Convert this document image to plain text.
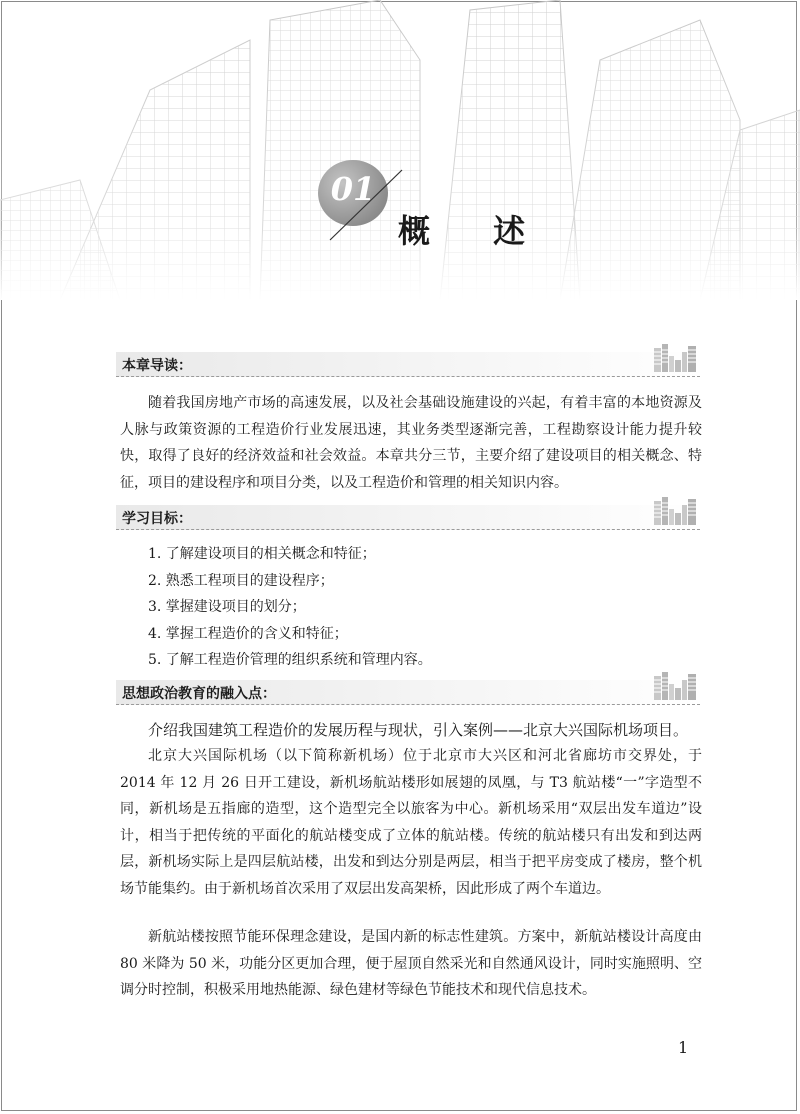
01
概 述
本章导读：

随着我国房地产市场的高速发展，以及社会基础设施建设的兴起，有着丰富的本地资源及人脉与政策资源的工程造价行业发展迅速，其业务类型逐渐完善，工程勘察设计能力提升较快，取得了良好的经济效益和社会效益。本章共分三节，主要介绍了建设项目的相关概念、特征，项目的建设程序和项目分类，以及工程造价和管理的相关知识内容。

学习目标：
1. 了解建设项目的相关概念和特征；
2. 熟悉工程项目的建设程序；
3. 掌握建设项目的划分；
4. 掌握工程造价的含义和特征；
5. 了解工程造价管理的组织系统和管理内容。
思想政治教育的融入点：

介绍我国建筑工程造价的发展历程与现状，引入案例——北京大兴国际机场项目。

北京大兴国际机场（以下简称新机场）位于北京市大兴区和河北省廊坊市交界处，于 2014 年 12 月 26 日开工建设，新机场航站楼形如展翅的凤凰，与 T3 航站楼“一”字造型不同，新机场是五指廊的造型，这个造型完全以旅客为中心。新机场采用“双层出发车道边”设计，相当于把传统的平面化的航站楼变成了立体的航站楼。传统的航站楼只有出发和到达两层，新机场实际上是四层航站楼，出发和到达分别是两层，相当于把平房变成了楼房，整个机场节能集约。由于新机场首次采用了双层出发高架桥，因此形成了两个车道边。

新航站楼按照节能环保理念建设，是国内新的标志性建筑。方案中，新航站楼设计高度由 80 米降为 50 米，功能分区更加合理，便于屋顶自然采光和自然通风设计，同时实施照明、空调分时控制，积极采用地热能源、绿色建材等绿色节能技术和现代信息技术。

1
